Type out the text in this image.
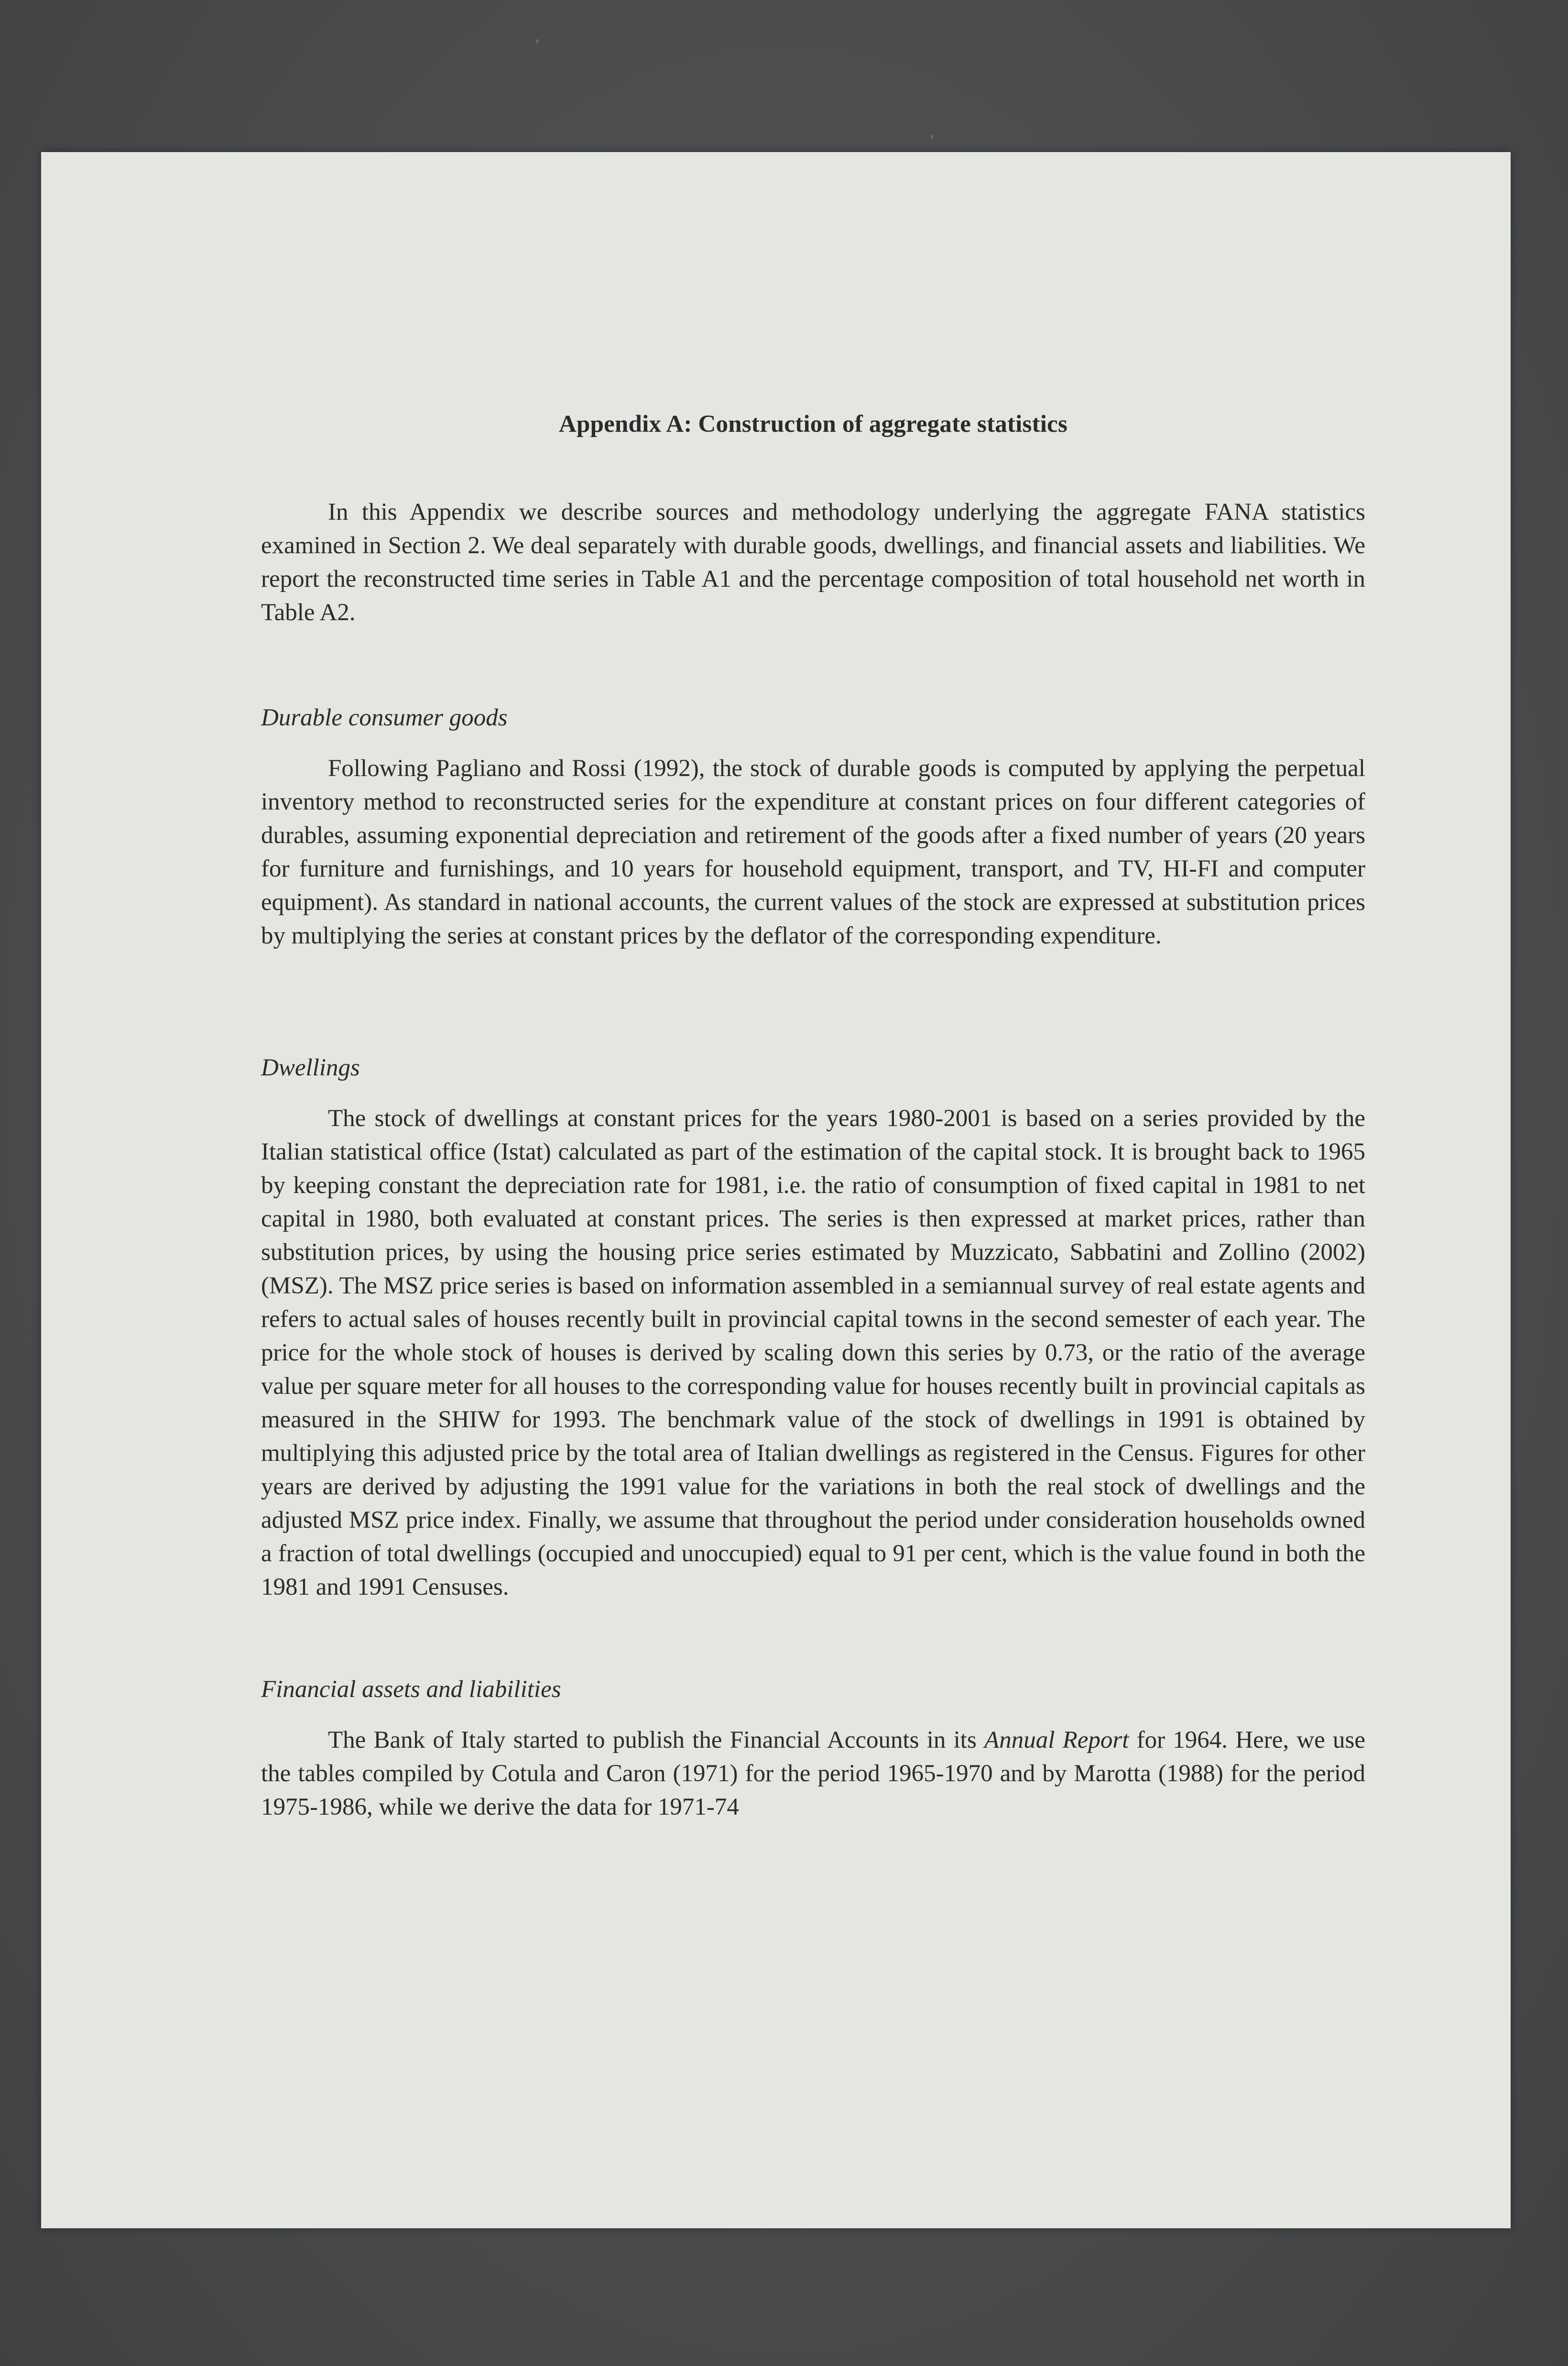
Appendix A: Construction of aggregate statistics

In this Appendix we describe sources and methodology underlying the aggregate FANA statistics examined in Section 2. We deal separately with durable goods, dwellings, and financial assets and liabilities. We report the reconstructed time series in Table A1 and the percentage composition of total household net worth in Table A2.

Durable consumer goods

Following Pagliano and Rossi (1992), the stock of durable goods is computed by applying the perpetual inventory method to reconstructed series for the expenditure at constant prices on four different categories of durables, assuming exponential depreciation and retirement of the goods after a fixed number of years (20 years for furniture and furnishings, and 10 years for household equipment, transport, and TV, HI-FI and computer equipment). As standard in national accounts, the current values of the stock are expressed at substitution prices by multiplying the series at constant prices by the deflator of the corresponding expenditure.

Dwellings

The stock of dwellings at constant prices for the years 1980-2001 is based on a series provided by the Italian statistical office (Istat) calculated as part of the estimation of the capital stock. It is brought back to 1965 by keeping constant the depreciation rate for 1981, i.e. the ratio of consumption of fixed capital in 1981 to net capital in 1980, both evaluated at constant prices. The series is then expressed at market prices, rather than substitution prices, by using the housing price series estimated by Muzzicato, Sabbatini and Zollino (2002) (MSZ). The MSZ price series is based on information assembled in a semiannual survey of real estate agents and refers to actual sales of houses recently built in provincial capital towns in the second semester of each year. The price for the whole stock of houses is derived by scaling down this series by 0.73, or the ratio of the average value per square meter for all houses to the corresponding value for houses recently built in provincial capitals as measured in the SHIW for 1993. The benchmark value of the stock of dwellings in 1991 is obtained by multiplying this adjusted price by the total area of Italian dwellings as registered in the Census. Figures for other years are derived by adjusting the 1991 value for the variations in both the real stock of dwellings and the adjusted MSZ price index. Finally, we assume that throughout the period under consideration households owned a fraction of total dwellings (occupied and unoccupied) equal to 91 per cent, which is the value found in both the 1981 and 1991 Censuses.

Financial assets and liabilities

The Bank of Italy started to publish the Financial Accounts in its Annual Report for 1964. Here, we use the tables compiled by Cotula and Caron (1971) for the period 1965-1970 and by Marotta (1988) for the period 1975-1986, while we derive the data for 1971-74
